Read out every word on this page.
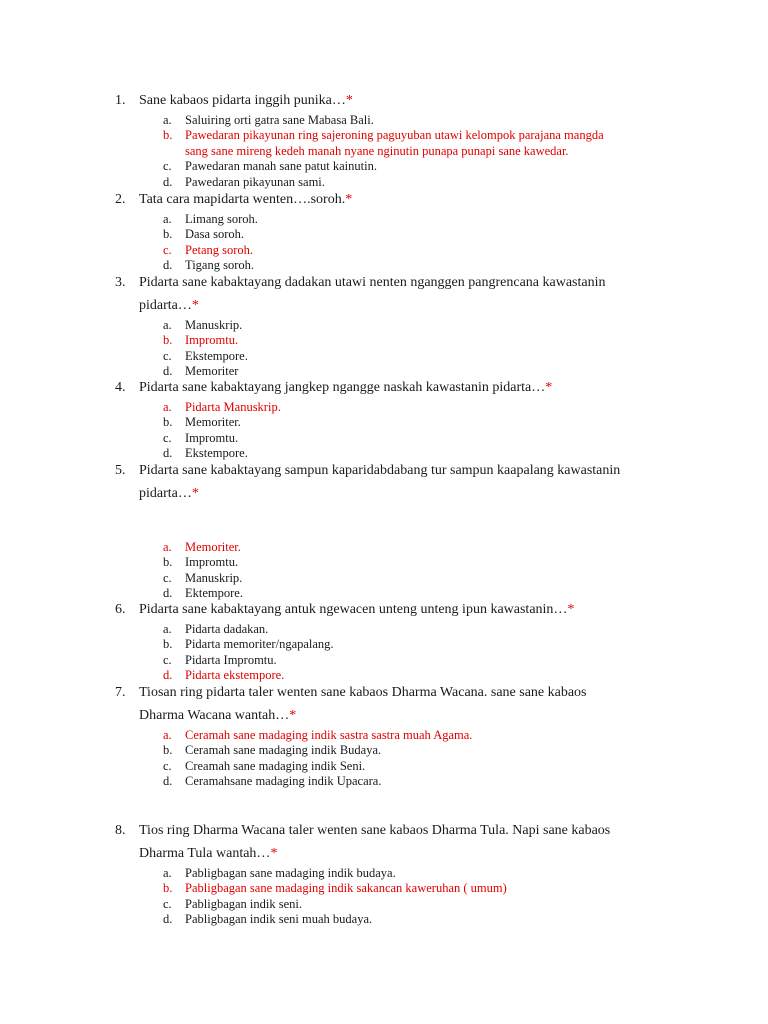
1. Sane kabaos pidarta inggih punika…*
a. Saluiring orti gatra sane Mabasa Bali.
b. Pawedaran pikayunan ring sajeroning paguyuban utawi kelompok parajana mangda
sang sane mireng kedeh manah nyane nginutin punapa punapi sane kawedar.
c. Pawedaran manah sane patut kainutin.
d. Pawedaran pikayunan sami.
2. Tata cara mapidarta wenten….soroh.*
a. Limang soroh.
b. Dasa soroh.
c. Petang soroh.
d. Tigang soroh.
3. Pidarta sane kabaktayang dadakan utawi nenten nganggen pangrencana kawastanin
pidarta…*
a. Manuskrip.
b. Impromtu.
c. Ekstempore.
d. Memoriter
4. Pidarta sane kabaktayang jangkep ngangge naskah kawastanin pidarta…*
a. Pidarta Manuskrip.
b. Memoriter.
c. Impromtu.
d. Ekstempore.
5. Pidarta sane kabaktayang sampun kaparidabdabang tur sampun kaapalang kawastanin
pidarta…*
a. Memoriter.
b. Impromtu.
c. Manuskrip.
d. Ektempore.
6. Pidarta sane kabaktayang antuk ngewacen unteng unteng ipun kawastanin…*
a. Pidarta dadakan.
b. Pidarta memoriter/ngapalang.
c. Pidarta Impromtu.
d. Pidarta ekstempore.
7. Tiosan ring pidarta taler wenten sane kabaos Dharma Wacana. sane sane kabaos
Dharma Wacana wantah…*
a. Ceramah sane madaging indik sastra sastra muah Agama.
b. Ceramah sane madaging indik Budaya.
c. Creamah sane madaging indik Seni.
d. Ceramahsane madaging indik Upacara.
8. Tios ring Dharma Wacana taler wenten sane kabaos Dharma Tula. Napi sane kabaos
Dharma Tula wantah…*
a. Pabligbagan sane madaging indik budaya.
b. Pabligbagan sane madaging indik sakancan kaweruhan ( umum)
c. Pabligbagan indik seni.
d. Pabligbagan indik seni muah budaya.
